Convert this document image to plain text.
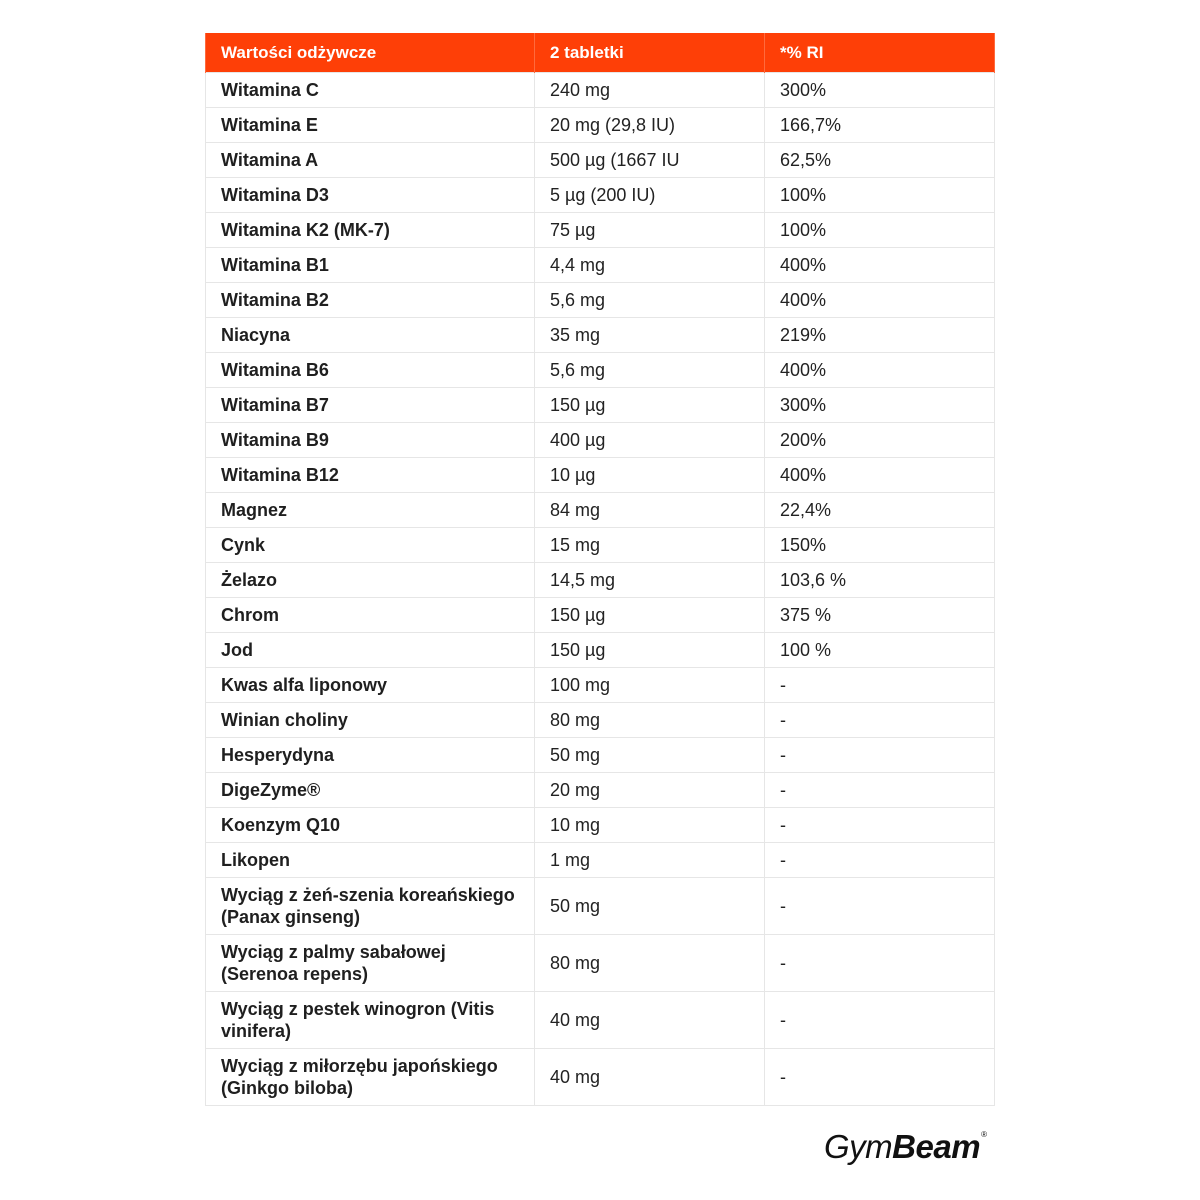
Wartości odżywcze	2 tabletki	*% RI
Witamina C	240 mg	300%
Witamina E	20 mg (29,8 IU)	166,7%
Witamina A	500 µg (1667 IU	62,5%
Witamina D3	5 µg (200 IU)	100%
Witamina K2 (MK-7)	75 µg	100%
Witamina B1	4,4 mg	400%
Witamina B2	5,6 mg	400%
Niacyna	35 mg	219%
Witamina B6	5,6 mg	400%
Witamina B7	150 µg	300%
Witamina B9	400 µg	200%
Witamina B12	10 µg	400%
Magnez	84 mg	22,4%
Cynk	15 mg	150%
Żelazo	14,5 mg	103,6 %
Chrom	150 µg	375 %
Jod	150 µg	100 %
Kwas alfa liponowy	100 mg	-
Winian choliny	80 mg	-
Hesperydyna	50 mg	-
DigeZyme®	20 mg	-
Koenzym Q10	10 mg	-
Likopen	1 mg	-
Wyciąg z żeń-szenia koreańskiego (Panax ginseng)	50 mg	-
Wyciąg z palmy sabałowej (Serenoa repens)	80 mg	-
Wyciąg z pestek winogron (Vitis vinifera)	40 mg	-
Wyciąg z miłorzębu japońskiego (Ginkgo biloba)	40 mg	-
Gym Beam ®
